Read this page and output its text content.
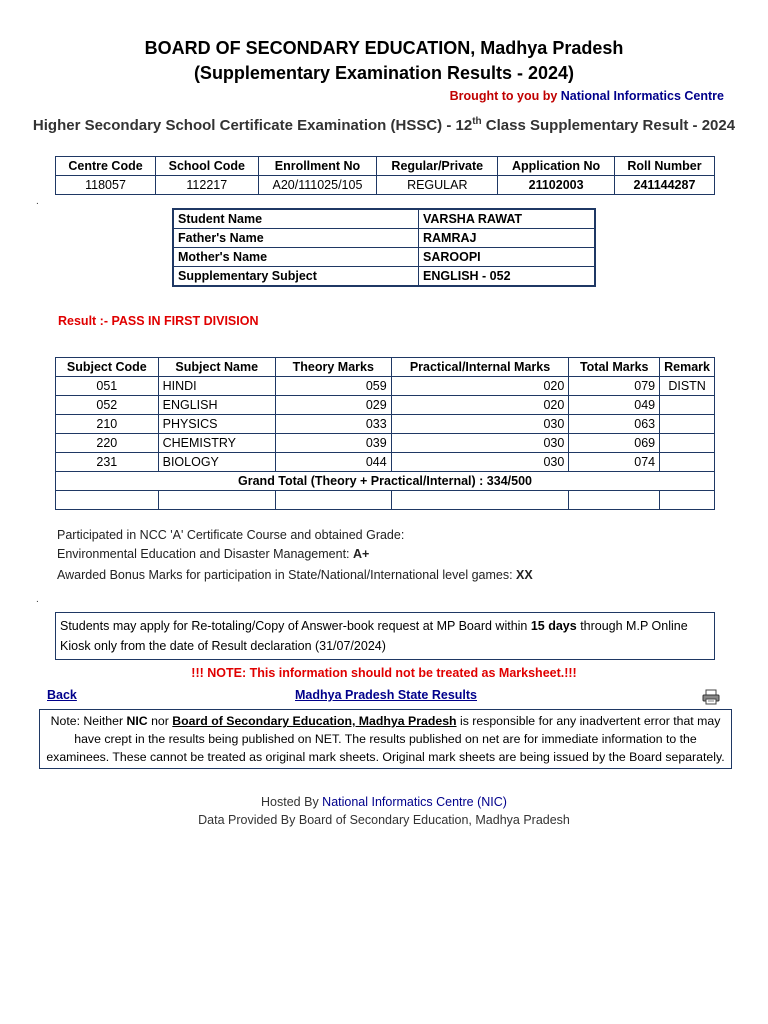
BOARD OF SECONDARY EDUCATION, Madhya Pradesh
(Supplementary Examination Results - 2024)
Brought to you by National Informatics Centre
Higher Secondary School Certificate Examination (HSSC) - 12th Class Supplementary Result - 2024
Centre Code	School Code	Enrollment No	Regular/Private	Application No	Roll Number
118057	112217	A20/111025/105	REGULAR	21102003	241144287
.
Student Name	VARSHA RAWAT
Father's Name	RAMRAJ
Mother's Name	SAROOPI
Supplementary Subject	ENGLISH - 052
Result :- PASS IN FIRST DIVISION
Subject Code	Subject Name	Theory Marks	Practical/Internal Marks	Total Marks	Remark
051	HINDI	059	020	079	DISTN
052	ENGLISH	029	020	049	
210	PHYSICS	033	030	063	
220	CHEMISTRY	039	030	069	
231	BIOLOGY	044	030	074	
Grand Total (Theory + Practical/Internal) : 334/500					

Participated in NCC 'A' Certificate Course and obtained Grade:
Environmental Education and Disaster Management: A+
Awarded Bonus Marks for participation in State/National/International level games: XX
.
Students may apply for Re-totaling/Copy of Answer-book request at MP Board within 15 days through M.P Online Kiosk only from the date of Result declaration (31/07/2024)
!!! NOTE: This information should not be treated as Marksheet.!!!
Back	Madhya Pradesh State Results
Note: Neither NIC nor Board of Secondary Education, Madhya Pradesh is responsible for any inadvertent error that may have crept in the results being published on NET. The results published on net are for immediate information to the examinees. These cannot be treated as original mark sheets. Original mark sheets are being issued by the Board separately.
Hosted By National Informatics Centre (NIC)
Data Provided By Board of Secondary Education, Madhya Pradesh
